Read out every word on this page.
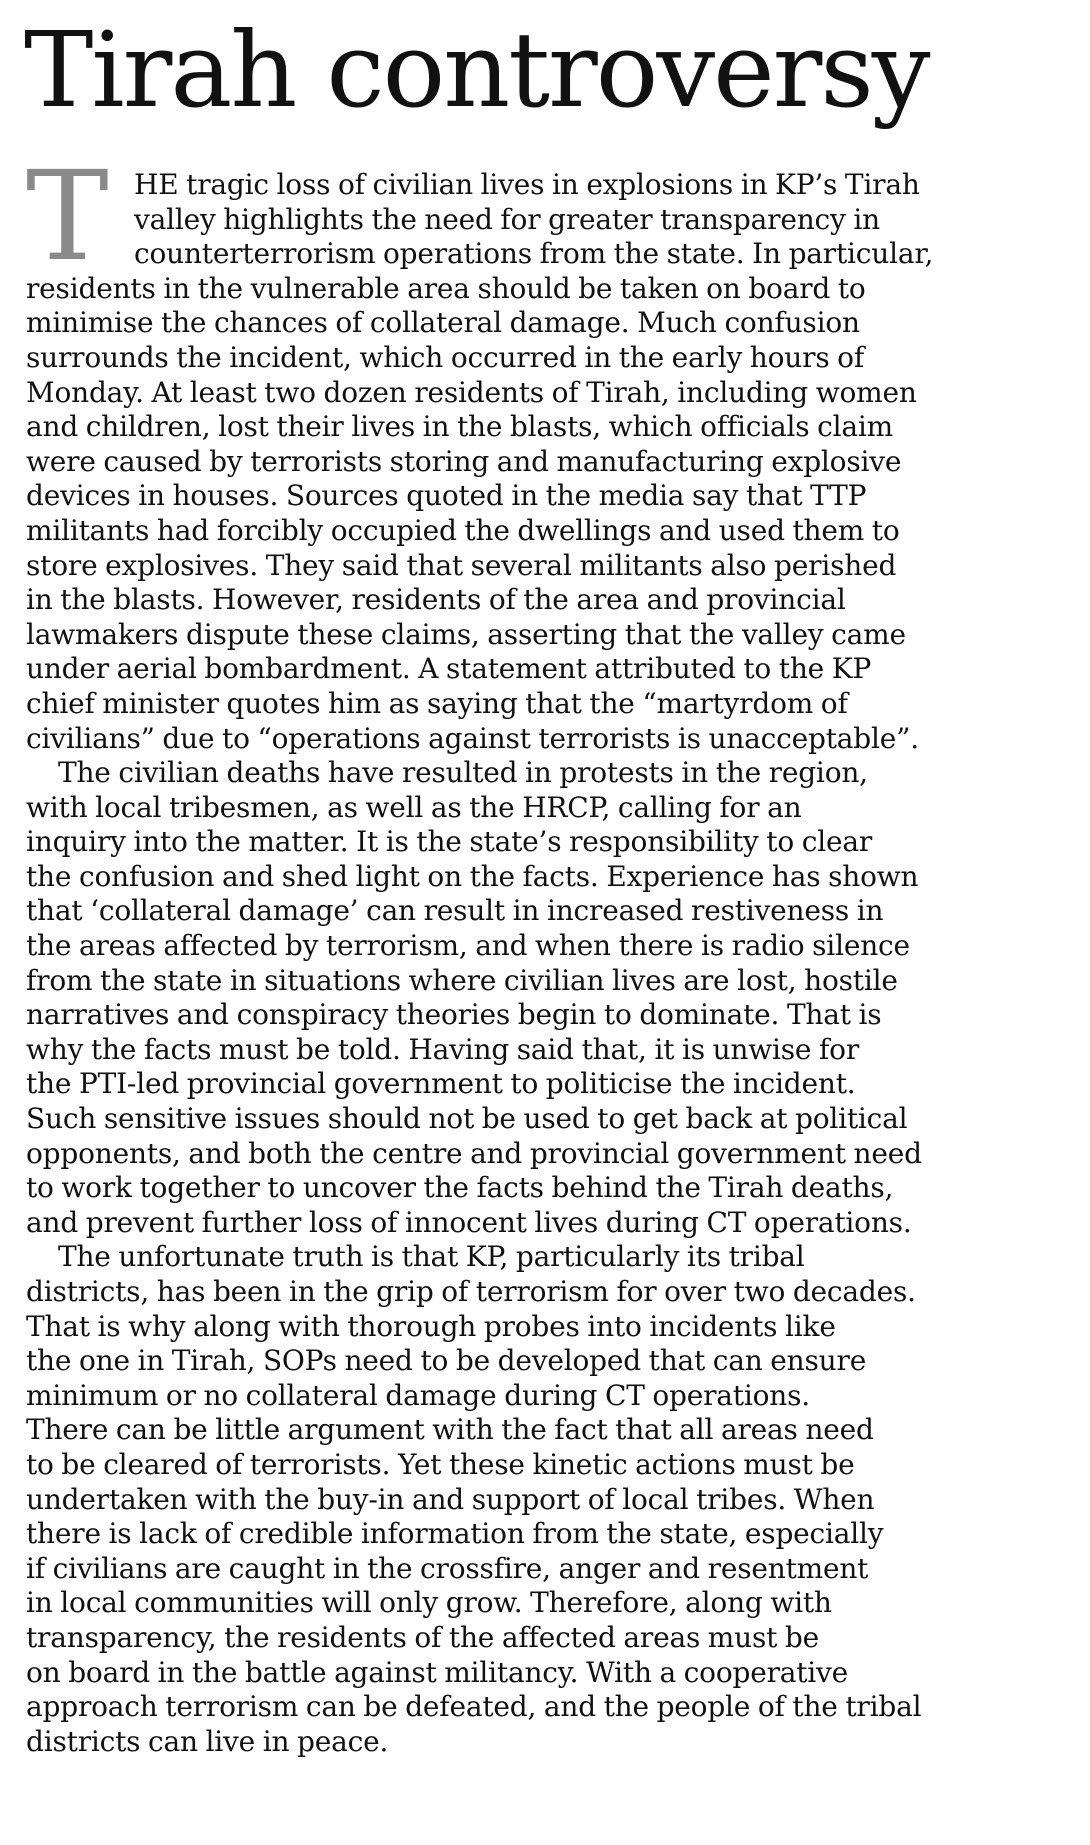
Tirah controversy
T HE tragic loss of civilian lives in explosions in KP’s Tirah
valley highlights the need for greater transparency in
counterterrorism operations from the state. In particular,
residents in the vulnerable area should be taken on board to
minimise the chances of collateral damage. Much confusion
surrounds the incident, which occurred in the early hours of
Monday. At least two dozen residents of Tirah, including women
and children, lost their lives in the blasts, which officials claim
were caused by terrorists storing and manufacturing explosive
devices in houses. Sources quoted in the media say that TTP
militants had forcibly occupied the dwellings and used them to
store explosives. They said that several militants also perished
in the blasts. However, residents of the area and provincial
lawmakers dispute these claims, asserting that the valley came
under aerial bombardment. A statement attributed to the KP
chief minister quotes him as saying that the “martyrdom of
civilians” due to “operations against terrorists is unacceptable”.
The civilian deaths have resulted in protests in the region,
with local tribesmen, as well as the HRCP, calling for an
inquiry into the matter. It is the state’s responsibility to clear
the confusion and shed light on the facts. Experience has shown
that ‘collateral damage’ can result in increased restiveness in
the areas affected by terrorism, and when there is radio silence
from the state in situations where civilian lives are lost, hostile
narratives and conspiracy theories begin to dominate. That is
why the facts must be told. Having said that, it is unwise for
the PTI-led provincial government to politicise the incident.
Such sensitive issues should not be used to get back at political
opponents, and both the centre and provincial government need
to work together to uncover the facts behind the Tirah deaths,
and prevent further loss of innocent lives during CT operations.
The unfortunate truth is that KP, particularly its tribal
districts, has been in the grip of terrorism for over two decades.
That is why along with thorough probes into incidents like
the one in Tirah, SOPs need to be developed that can ensure
minimum or no collateral damage during CT operations.
There can be little argument with the fact that all areas need
to be cleared of terrorists. Yet these kinetic actions must be
undertaken with the buy-in and support of local tribes. When
there is lack of credible information from the state, especially
if civilians are caught in the crossfire, anger and resentment
in local communities will only grow. Therefore, along with
transparency, the residents of the affected areas must be
on board in the battle against militancy. With a cooperative
approach terrorism can be defeated, and the people of the tribal
districts can live in peace.
